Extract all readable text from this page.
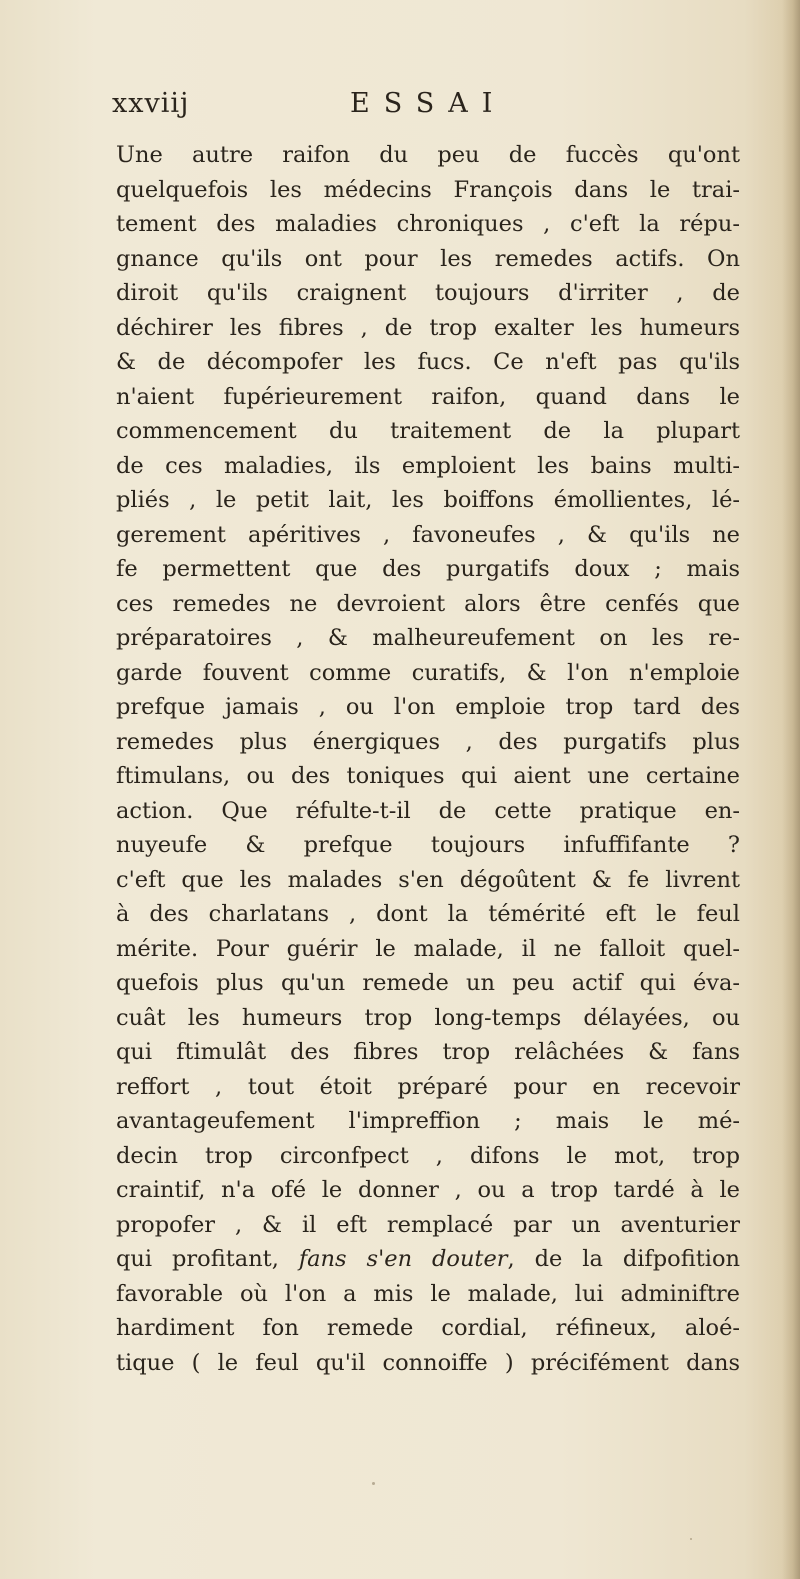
xxviij	ESSAI
Une autre raifon du peu de fuccès qu'ont
quelquefois les médecins François dans le trai-
tement des maladies chroniques , c'eft la répu-
gnance qu'ils ont pour les remedes actifs. On
diroit qu'ils craignent toujours d'irriter , de
déchirer les fibres , de trop exalter les humeurs
& de décompofer les fucs. Ce n'eft pas qu'ils
n'aient fupérieurement raifon, quand dans le
commencement du traitement de la plupart
de ces maladies, ils emploient les bains multi-
pliés , le petit lait, les boiffons émollientes, lé-
gerement apéritives , favoneufes , & qu'ils ne
fe permettent que des purgatifs doux ; mais
ces remedes ne devroient alors être cenfés que
préparatoires , & malheureufement on les re-
garde fouvent comme curatifs, & l'on n'emploie
prefque jamais , ou l'on emploie trop tard des
remedes plus énergiques , des purgatifs plus
ftimulans, ou des toniques qui aient une certaine
action. Que réfulte-t-il de cette pratique en-
nuyeufe & prefque toujours infuffifante ?
c'eft que les malades s'en dégoûtent & fe livrent
à des charlatans , dont la témérité eft le feul
mérite. Pour guérir le malade, il ne falloit quel-
quefois plus qu'un remede un peu actif qui éva-
cuât les humeurs trop long-temps délayées, ou
qui ftimulât des fibres trop relâchées & fans
reffort , tout étoit préparé pour en recevoir
avantageufement l'impreffion ; mais le mé-
decin trop circonfpect , difons le mot, trop
craintif, n'a ofé le donner , ou a trop tardé à le
propofer , & il eft remplacé par un aventurier
qui profitant, fans s'en douter, de la difpofition
favorable où l'on a mis le malade, lui adminiftre
hardiment fon remede cordial, réfineux, aloé-
tique ( le feul qu'il connoiffe ) précifément dans
